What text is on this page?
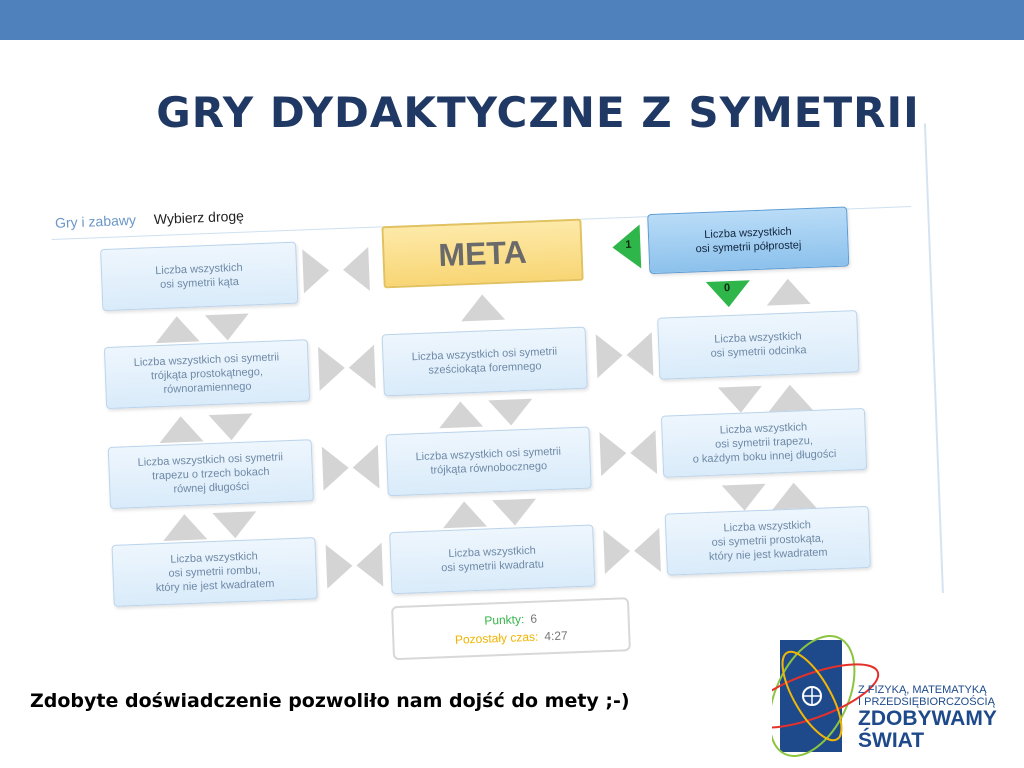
GRY DYDAKTYCZNE Z SYMETRII
Gry i zabawy Wybierz drogę
Liczba wszystkich
osi symetrii kąta
META	1
Liczba wszystkich
osi symetrii półprostej
0
Liczba wszystkich osi symetrii
trójkąta prostokątnego,
równoramiennego
Liczba wszystkich osi symetrii
sześciokąta foremnego
Liczba wszystkich
osi symetrii odcinka
Liczba wszystkich osi symetrii
trapezu o trzech bokach
równej długości
Liczba wszystkich osi symetrii
trójkąta równobocznego
Liczba wszystkich
osi symetrii trapezu,
o każdym boku innej długości
Liczba wszystkich
osi symetrii rombu,
który nie jest kwadratem
Liczba wszystkich
osi symetrii kwadratu
Liczba wszystkich
osi symetrii prostokąta,
który nie jest kwadratem
Punkty: 6
Pozostały czas: 4:27
Zdobyte doświadczenie pozwoliło nam dojść do mety ;-)	Z FIZYKĄ, MATEMATYKĄ
I PRZEDSIĘBIORCZOŚCIĄ
ZDOBYWAMY
ŚWIAT
